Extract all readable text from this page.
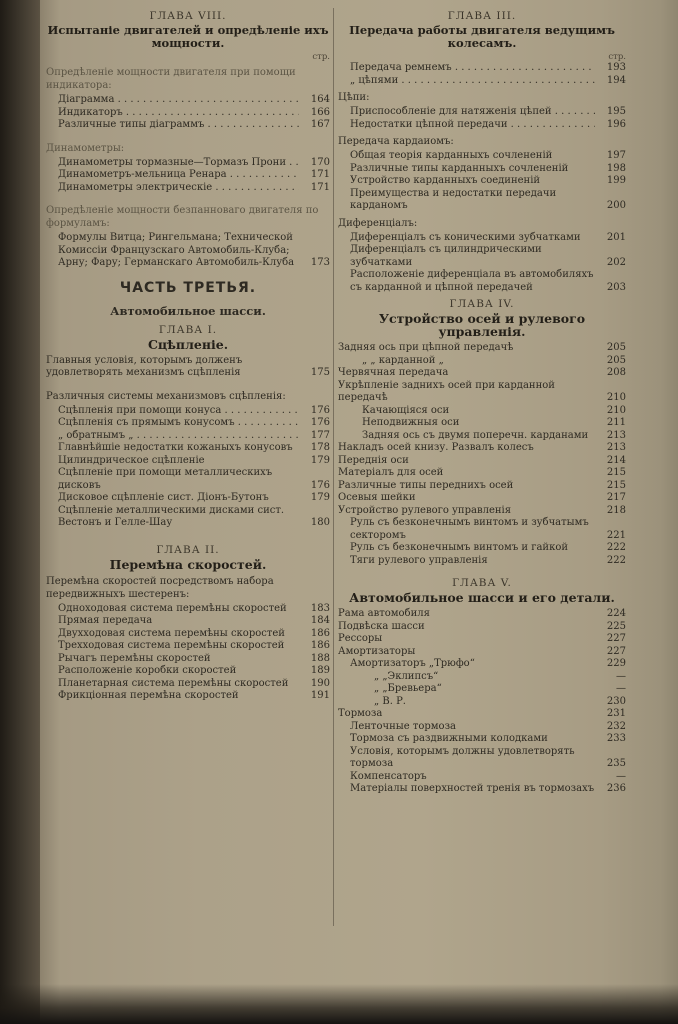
ГЛАВА VIII.
Испытаніе двигателей и опредѣленіе ихъ мощности.
стр.
Опредѣленіе мощности двигателя при помощи индикатора:
Діаграмма . . .	164
Индикаторъ . . .	166
Различные типы діаграммъ . . .	167
Динамометры:
Динамометры тормазные—Тормазъ Прони . . .	170
Динамометръ-мельница Ренара . . .	171
Динамометры электрическіе . . .	171
Опредѣленіе мощности безпанноваго двигателя по формуламъ:
Формулы Витца; Рингельмана; Технической Комиссіи Французскаго Автомобиль-Клуба; Арну; Фару; Германскаго Автомобиль-Клуба	173
ЧАСТЬ ТРЕТЬЯ.
Автомобильное шасси.
ГЛАВА I.
Сцѣпленіе.
Главныя условія, которымъ долженъ удовлетворять механизмъ сцѣпленія	175
Различныя системы механизмовъ сцѣпленія:
Сцѣпленія при помощи конуса . . .	176
Сцѣпленія съ прямымъ конусомъ . . .	176
„ обратнымъ „ . . .	177
Главнѣйшіе недостатки кожаныхъ конусовъ	178
Цилиндрическое сцѣпленіе	179
Сцѣпленіе при помощи металлическихъ дисковъ	176
Дисковое сцѣпленіе сист. Діонъ-Бутонъ	179
Сцѣпленіе металлическими дисками сист. Вестонъ и Гелле-Шау	180
ГЛАВА II.
Перемѣна скоростей.
Перемѣна скоростей посредствомъ набора передвижныхъ шестеренъ:
Одноходовая система перемѣны скоростей	183
Прямая передача	184
Двухходовая система перемѣны скоростей	186
Трехходовая система перемѣны скоростей	186
Рычагъ перемѣны скоростей	188
Расположеніе коробки скоростей	189
Планетарная система перемѣны скоростей	190
Фрикціонная перемѣна скоростей	191
ГЛАВА III.
Передача работы двигателя ведущимъ колесамъ.
стр.
Передача ремнемъ . . .	193
„ цѣпями . . .	194
Цѣпи:
Приспособленіе для натяженія цѣпей . . .	195
Недостатки цѣпной передачи . . .	196
Передача кардаиомъ:
Общая теорія карданныхъ сочлененій	197
Различные типы карданныхъ сочлененій	198
Устройство карданныхъ соединеній	199
Преимущества и недостатки передачи карданомъ	200
Диференціалъ:
Диференціалъ съ коническими зубчатками	201
Диференціалъ съ цилиндрическими зубчатками	202
Расположеніе диференціала въ автомобиляхъ съ карданной и цѣпной передачей	203
ГЛАВА IV.
Устройство осей и рулевого управленія.
Задняя ось при цѣпной передачѣ	205
„ „ карданной „	205
Червячная передача	208
Укрѣпленіе заднихъ осей при карданной передачѣ	210
Качающіяся оси	210
Неподвижныя оси	211
Задняя ось съ двумя поперечн. карданами	213
Накладъ осей книзу. Развалъ колесъ	213
Переднія оси	214
Матеріалъ для осей	215
Различные типы переднихъ осей	215
Осевыя шейки	217
Устройство рулевого управленія	218
Руль съ безконечнымъ винтомъ и зубчатымъ секторомъ	221
Руль съ безконечнымъ винтомъ и гайкой	222
Тяги рулевого управленія	222
ГЛАВА V.
Автомобильное шасси и его детали.
Рама автомобиля	224
Подвѣска шасси	225
Рессоры	227
Амортизаторы	227
Амортизаторъ „Трюфо“	229
„ „Эклипсъ“	—
„ „Бревьера“	—
„ В. Р.	230
Тормоза	231
Ленточные тормоза	232
Тормоза съ раздвижными колодками	233
Условія, которымъ должны удовлетворять тормоза	235
Компенсаторъ	—
Матеріалы поверхностей тренія въ тормозахъ	236
